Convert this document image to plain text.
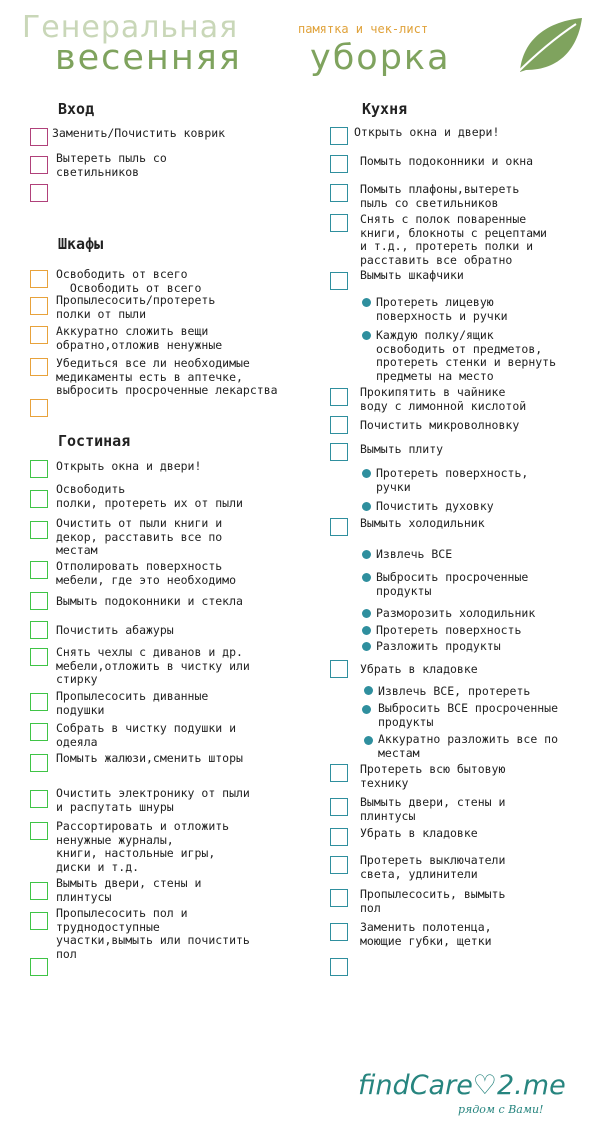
Генеральная	памятка и чек-лист
весенняя уборка
Вход
Заменить/Почистить коврик
Вытереть пыль со
светильников
Шкафы
Освободить от всего
Освободить от всего
Пропылесосить/протереть
полки от пыли
Аккуратно сложить вещи
обратно,отложив ненужные
Убедиться все ли необходимые
медикаменты есть в аптечке,
выбросить просроченные лекарства
Гостиная
Открыть окна и двери!
Освободить
полки, протереть их от пыли
Очистить от пыли книги и
декор, расставить все по
местам
Отполировать поверхность
мебели, где это необходимо
Вымыть подоконники и стекла
Почистить абажуры
Снять чехлы с диванов и др.
мебели,отложить в чистку или
стирку
Пропылесосить диванные
подушки
Собрать в чистку подушки и
одеяла
Помыть жалюзи,сменить шторы
Очистить электронику от пыли
и распутать шнуры
Рассортировать и отложить
ненужные журналы,
книги, настольные игры,
диски и т.д.
Вымыть двери, стены и
плинтусы
Пропылесосить пол и
труднодоступные
участки,вымыть или почистить
пол
Кухня
Открыть окна и двери!
Помыть подоконники и окна
Помыть плафоны,вытереть
пыль со светильников
Снять с полок поваренные
книги, блокноты с рецептами
и т.д., протереть полки и
расставить все обратно
Вымыть шкафчики
Протереть лицевую
поверхность и ручки
Каждую полку/ящик
освободить от предметов,
протереть стенки и вернуть
предметы на место
Прокипятить в чайнике
воду с лимонной кислотой
Почистить микроволновку
Вымыть плиту
Протереть поверхность,
ручки
Почистить духовку
Вымыть холодильник
Извлечь ВСЕ
Выбросить просроченные
продукты
Разморозить холодильник
Протереть поверхность
Разложить продукты
Убрать в кладовке
Извлечь ВСЕ, протереть
Выбросить ВСЕ просроченные
продукты
Аккуратно разложить все по
местам
Протереть всю бытовую
технику
Вымыть двери, стены и
плинтусы
Убрать в кладовке
Протереть выключатели
света, удлинители
Пропылесосить, вымыть
пол
Заменить полотенца,
моющие губки, щетки
findCare♡2.me
рядом с Вами!
